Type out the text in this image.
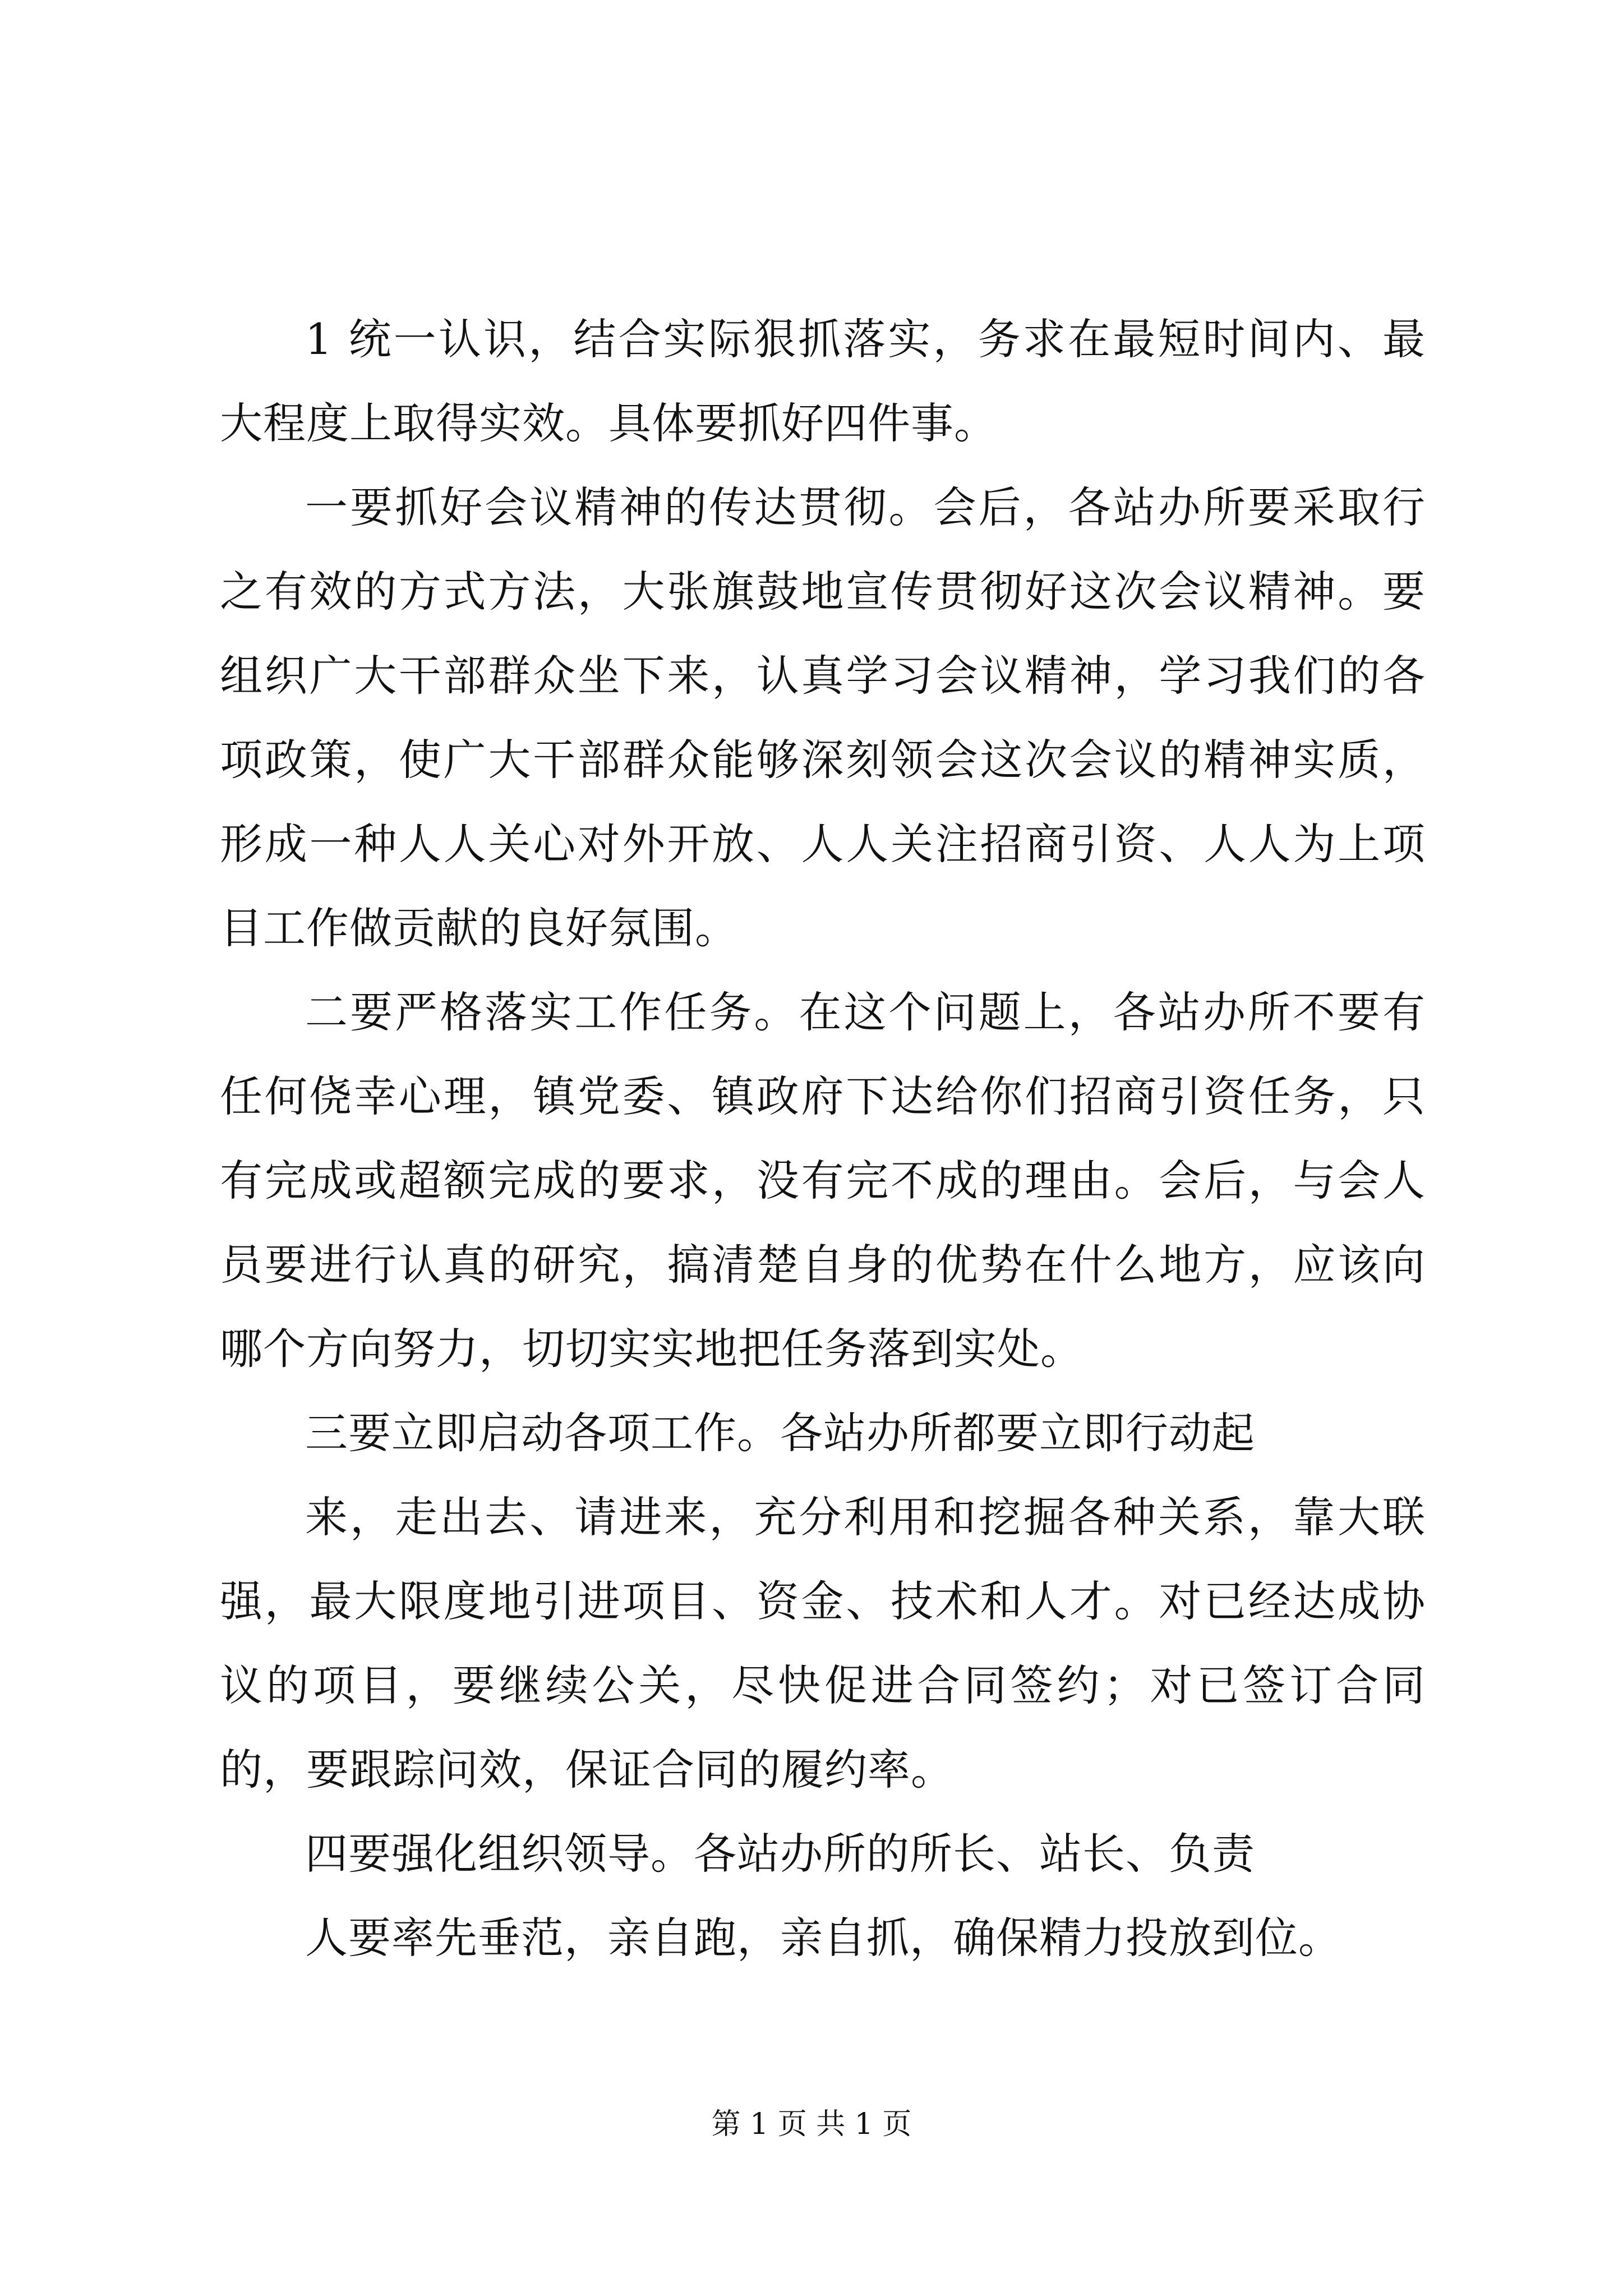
1 统一认识，结合实际狠抓落实，务求在最短时间内、最大程度上取得实效。具体要抓好四件事。

一要抓好会议精神的传达贯彻。会后，各站办所要采取行之有效的方式方法，大张旗鼓地宣传贯彻好这次会议精神。要组织广大干部群众坐下来，认真学习会议精神，学习我们的各项政策，使广大干部群众能够深刻领会这次会议的精神实质，形成一种人人关心对外开放、人人关注招商引资、人人为上项目工作做贡献的良好氛围。

二要严格落实工作任务。在这个问题上，各站办所不要有任何侥幸心理，镇党委、镇政府下达给你们招商引资任务，只有完成或超额完成的要求，没有完不成的理由。会后，与会人员要进行认真的研究，搞清楚自身的优势在什么地方，应该向哪个方向努力，切切实实地把任务落到实处。

三要立即启动各项工作。各站办所都要立即行动起

来，走出去、请进来，充分利用和挖掘各种关系，靠大联强，最大限度地引进项目、资金、技术和人才。对已经达成协议的项目，要继续公关，尽快促进合同签约；对已签订合同的，要跟踪问效，保证合同的履约率。

四要强化组织领导。各站办所的所长、站长、负责

人要率先垂范，亲自跑，亲自抓，确保精力投放到位。

第 1 页 共 1 页
